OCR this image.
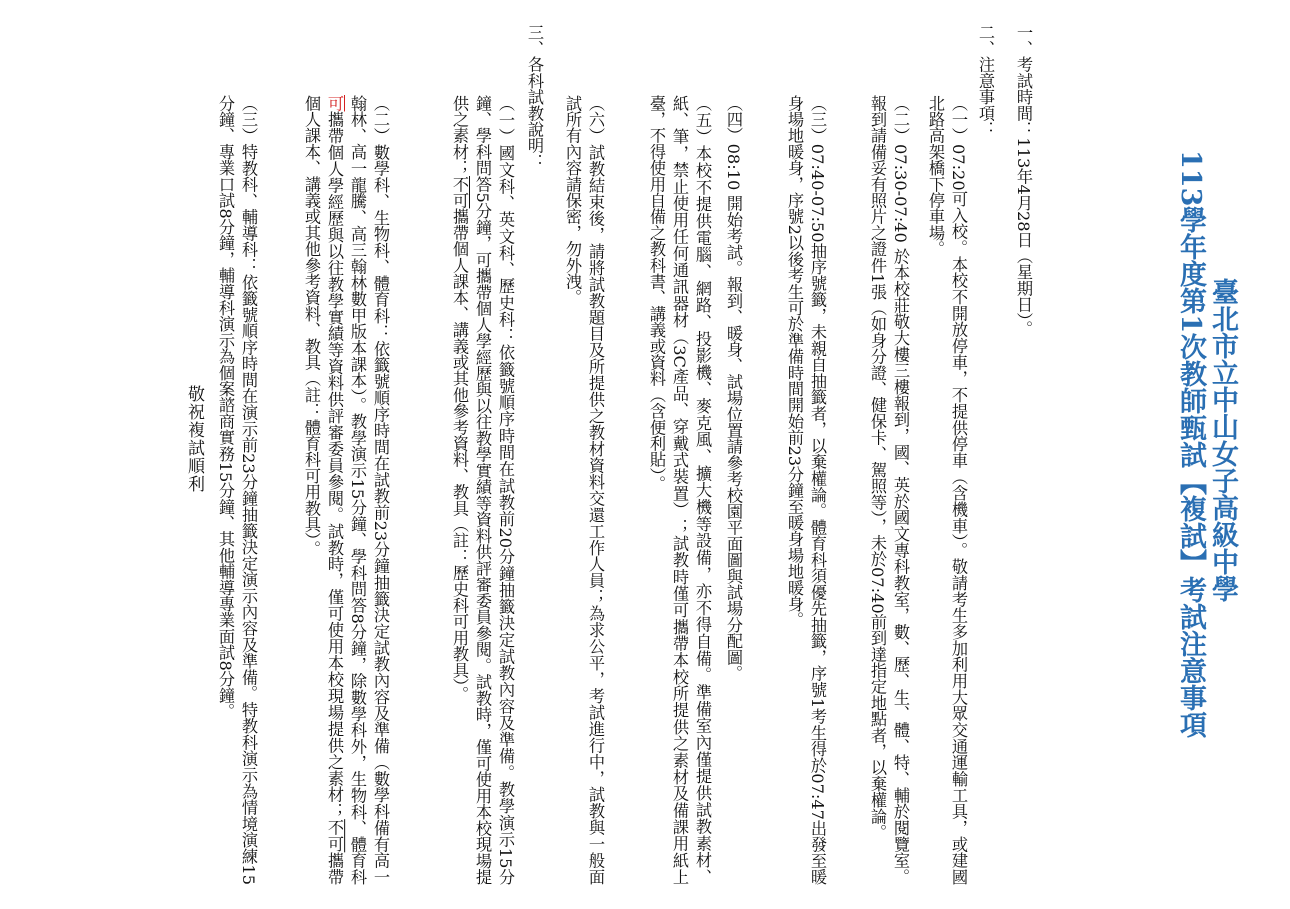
臺北市立中山女子高級中學
113學年度第1次教師甄試【複試】考試注意事項
一、考試時間：113年4月28日（星期日）。
二、注意事項：
（一）07:20可入校。本校不開放停車，不提供停車（含機車）。敬請考生多加利用大眾交通運輸工具，或建國北路高架橋下停車場。
（二）07:30-07:40 於本校莊敬大樓三樓報到，國、英於國文專科教室，數、歷、生、體、特、輔於閱覽室。報到請備妥有照片之證件1張（如身分證、健保卡、駕照等），未於07:40前到達指定地點者，以棄權論。
（三）07:40-07:50抽序號籤，未親自抽籤者，以棄權論。體育科須優先抽籤，序號1考生得於07:47出發至暖身場地暖身，序號2以後考生可於準備時間開始前23分鐘至暖身場地暖身。
（四）08:10 開始考試。報到、暖身、試場位置請參考校園平面圖與試場分配圖。
（五）本校不提供電腦、網路、投影機、麥克風、擴大機等設備，亦不得自備。準備室內僅提供試教素材、紙、筆，禁止使用任何通訊器材（3C產品、穿戴式裝置）；試教時僅可攜帶本校所提供之素材及備課用紙上臺，不得使用自備之教科書、講義或資料（含便利貼）。
（六）試教結束後，請將試教題目及所提供之教材資料交還工作人員；為求公平，考試進行中，試教與一般面試所有內容請保密，勿外洩。
三、各科試教說明：
（一）國文科、英文科、歷史科：依籤號順序時間在試教前20分鐘抽籤決定試教內容及準備。教學演示15分鐘、學科問答5分鐘，可攜帶個人學經歷與以往教學實績等資料供評審委員參閱。試教時，僅可使用本校現場提供之素材；不可攜帶個人課本、講義或其他參考資料、教具（註：歷史科可用教具）。
（二）數學科、生物科、體育科：依籤號順序時間在試教前23分鐘抽籤決定試教內容及準備（數學科備有高一翰林、高一龍騰、高三翰林數甲版本課本）。教學演示15分鐘、學科問答8分鐘，除數學科外，生物科、體育科可攜帶個人學經歷與以往教學實績等資料供評審委員參閱。試教時，僅可使用本校現場提供之素材；不可攜帶個人課本、講義或其他參考資料、教具（註：體育科可用教具）。
（三）特教科、輔導科：依籤號順序時間在演示前23分鐘抽籤決定演示內容及準備。特教科演示為情境演練15分鐘、專業口試8分鐘，輔導科演示為個案諮商實務15分鐘、其他輔導專業面試8分鐘。
敬祝複試順利
